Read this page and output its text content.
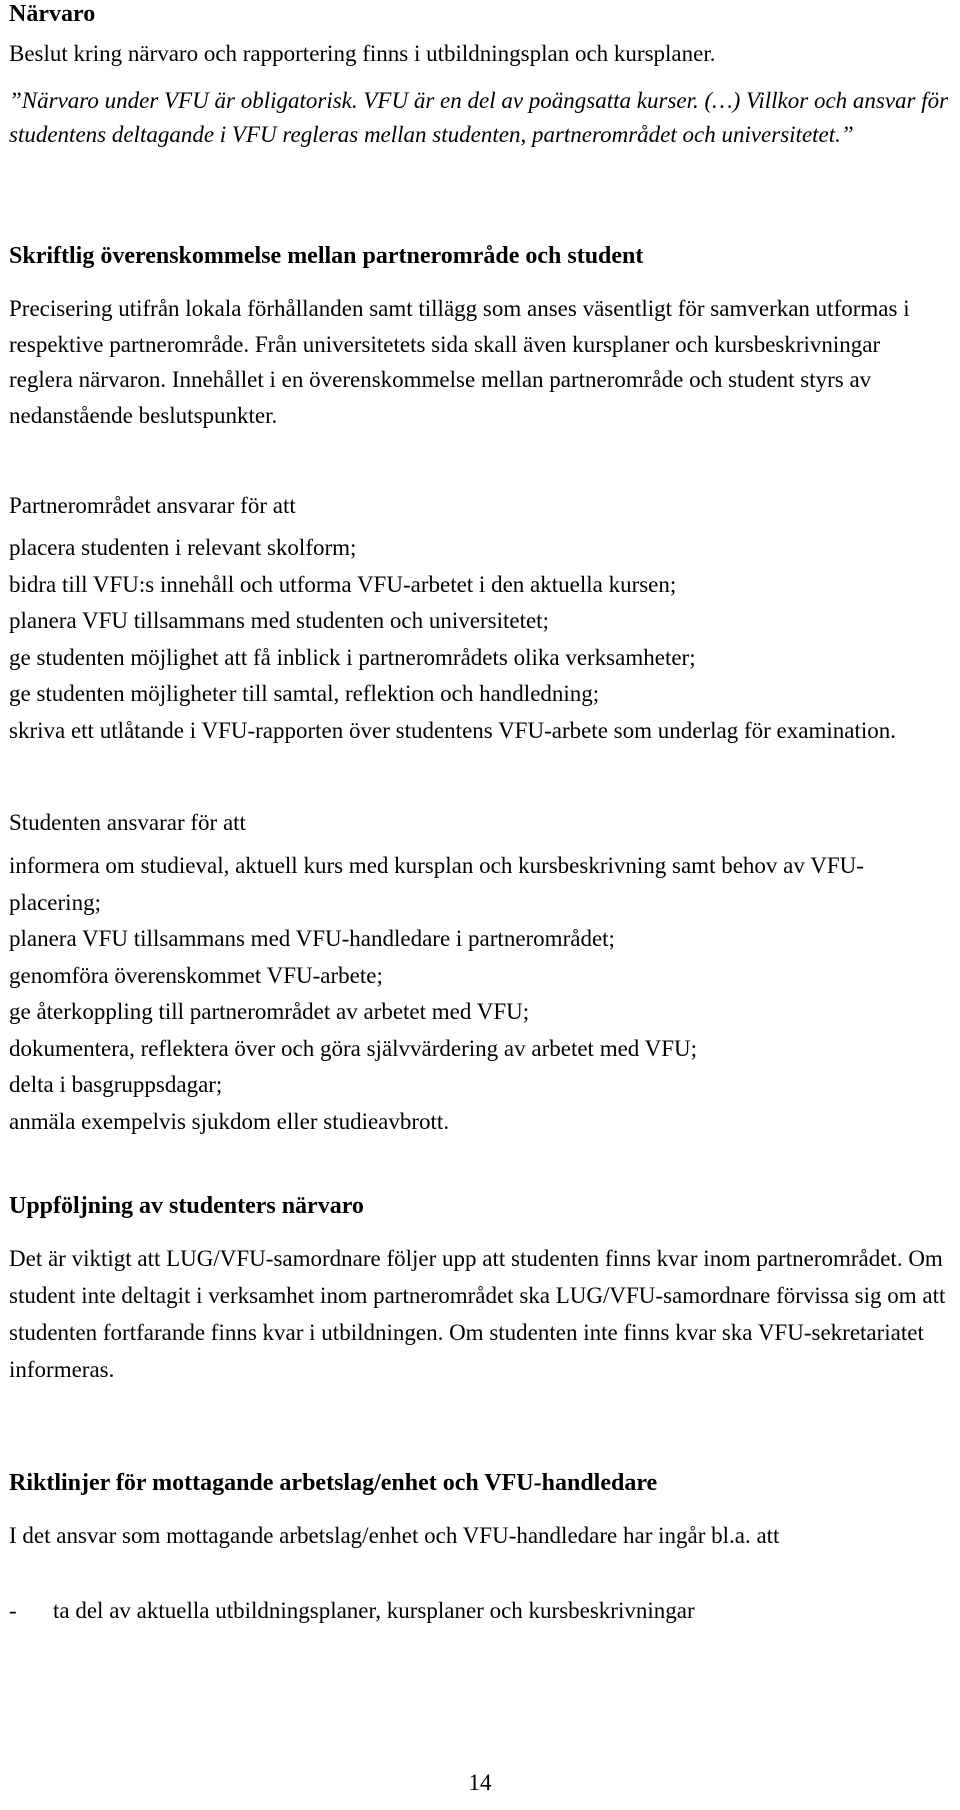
Närvaro

Beslut kring närvaro och rapportering finns i utbildningsplan och kursplaner.

”Närvaro under VFU är obligatorisk. VFU är en del av poängsatta kurser. (…) Villkor och ansvar för studentens deltagande i VFU regleras mellan studenten, partnerområdet och universitetet.”

Skriftlig överenskommelse mellan partnerområde och student

Precisering utifrån lokala förhållanden samt tillägg som anses väsentligt för samverkan utformas i respektive partnerområde. Från universitetets sida skall även kursplaner och kursbeskrivningar reglera närvaron. Innehållet i en överenskommelse mellan partnerområde och student styrs av nedanstående beslutspunkter.

Partnerområdet ansvarar för att

placera studenten i relevant skolform;
bidra till VFU:s innehåll och utforma VFU-arbetet i den aktuella kursen;
planera VFU tillsammans med studenten och universitetet;
ge studenten möjlighet att få inblick i partnerområdets olika verksamheter;
ge studenten möjligheter till samtal, reflektion och handledning;
skriva ett utlåtande i VFU-rapporten över studentens VFU-arbete som underlag för examination.

Studenten ansvarar för att

informera om studieval, aktuell kurs med kursplan och kursbeskrivning samt behov av VFU-placering;
planera VFU tillsammans med VFU-handledare i partnerområdet;
genomföra överenskommet VFU-arbete;
ge återkoppling till partnerområdet av arbetet med VFU;
dokumentera, reflektera över och göra självvärdering av arbetet med VFU;
delta i basgruppsdagar;
anmäla exempelvis sjukdom eller studieavbrott.
Uppföljning av studenters närvaro

Det är viktigt att LUG/VFU-samordnare följer upp att studenten finns kvar inom partnerområdet. Om student inte deltagit i verksamhet inom partnerområdet ska LUG/VFU-samordnare förvissa sig om att studenten fortfarande finns kvar i utbildningen. Om studenten inte finns kvar ska VFU-sekretariatet informeras.

Riktlinjer för mottagande arbetslag/enhet och VFU-handledare

I det ansvar som mottagande arbetslag/enhet och VFU-handledare har ingår bl.a. att

- ta del av aktuella utbildningsplaner, kursplaner och kursbeskrivningar
14
